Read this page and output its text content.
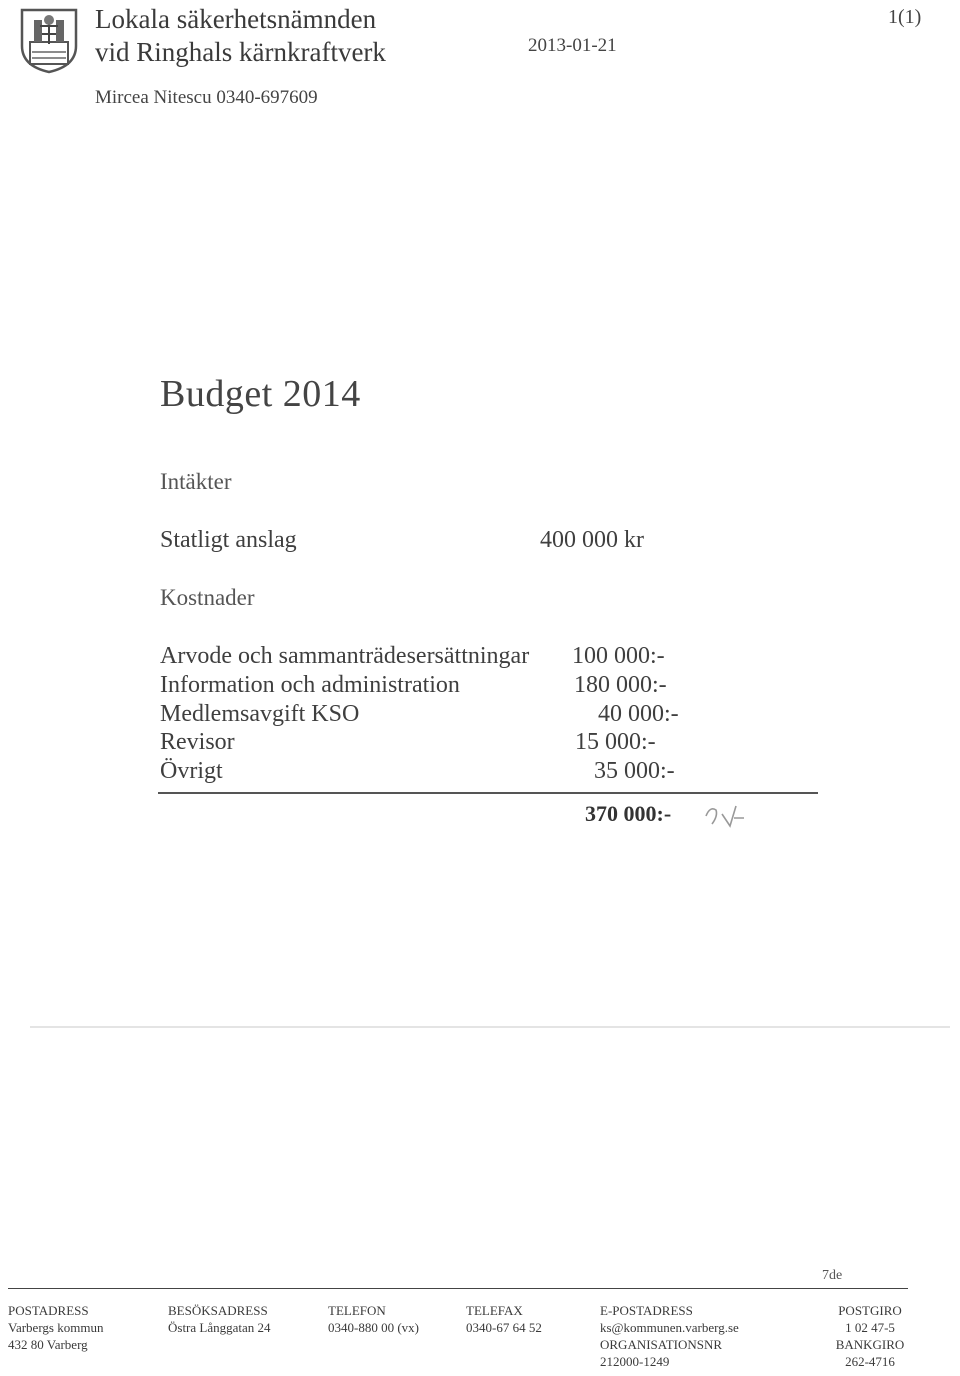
Lokala säkerhetsnämnden
vid Ringhals kärnkraftverk	2013-01-21
1(1)
Mircea Nitescu 0340-697609
Budget 2014
Intäkter
Statligt anslag	400 000 kr
Kostnader
Arvode och sammanträdesersättningar 100 000:-
Information och administration	180 000:-
Medlemsavgift KSO	40 000:-
Revisor	15 000:-
Övrigt	35 000:-
370 000:-
7de
POSTADRESS
Varbergs kommun
432 80 Varberg
BESÖKSADRESS
Östra Långgatan 24
TELEFON
0340-880 00 (vx)
TELEFAX
0340-67 64 52
E-POSTADRESS
ks@kommunen.varberg.se
ORGANISATIONSNR
212000-1249
POSTGIRO
1 02 47-5
BANKGIRO
262-4716
